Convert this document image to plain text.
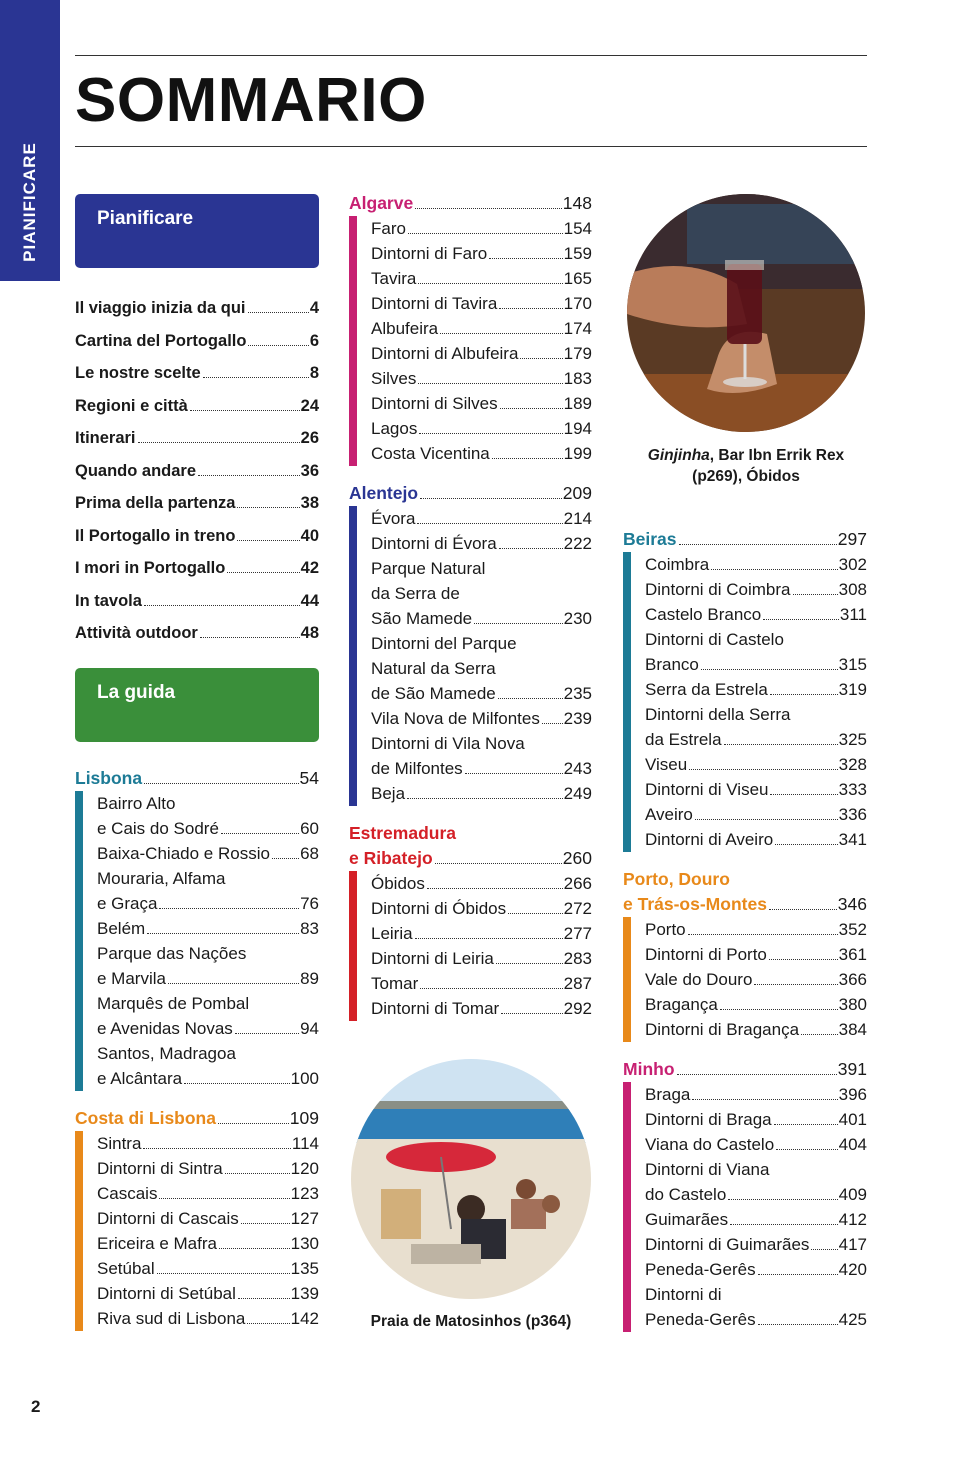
PIANIFICARE
SOMMARIO
Pianificare
Il viaggio inizia da qui	4
Cartina del Portogallo	6
Le nostre scelte	8
Regioni e città	24
Itinerari	26
Quando andare	36
Prima della partenza	38
Il Portogallo in treno	40
I mori in Portogallo	42
In tavola	44
Attività outdoor	48
La guida
Lisbona	54
Bairro Alto
e Cais do Sodré	60
Baixa-Chiado e Rossio 68
Mouraria, Alfama
e Graça	76
Belém	83
Parque das Nações
e Marvila	89
Marquês de Pombal
e Avenidas Novas	94
Santos, Madragoa
e Alcântara	100
Costa di Lisbona	109
Sintra	114
Dintorni di Sintra	120
Cascais	123
Dintorni di Cascais	127
Ericeira e Mafra	130
Setúbal	135
Dintorni di Setúbal	139
Riva sud di Lisbona	142
Algarve	148
Faro	154
Dintorni di Faro	159
Tavira	165
Dintorni di Tavira	170
Albufeira	174
Dintorni di Albufeira	179
Silves	183
Dintorni di Silves	189
Lagos	194
Costa Vicentina	199
Alentejo	209
Évora	214
Dintorni di Évora	222
Parque Natural
da Serra de
São Mamede	230
Dintorni del Parque
Natural da Serra
de São Mamede	235
Vila Nova de Milfontes 239
Dintorni di Vila Nova
de Milfontes	243
Beja	249
Estremadura
e Ribatejo	260
Óbidos	266
Dintorni di Óbidos	272
Leiria	277
Dintorni di Leiria	283
Tomar	287
Dintorni di Tomar	292
Praia de Matosinhos (p364)
Ginjinha, Bar Ibn Errik Rex
(p269), Óbidos
Beiras	297
Coimbra	302
Dintorni di Coimbra	308
Castelo Branco	311
Dintorni di Castelo
Branco	315
Serra da Estrela	319
Dintorni della Serra
da Estrela	325
Viseu	328
Dintorni di Viseu	333
Aveiro	336
Dintorni di Aveiro	341
Porto, Douro
e Trás-os-Montes	346
Porto	352
Dintorni di Porto	361
Vale do Douro	366
Bragança	380
Dintorni di Bragança 384
Minho	391
Braga	396
Dintorni di Braga	401
Viana do Castelo	404
Dintorni di Viana
do Castelo	409
Guimarães	412
Dintorni di Guimarães 417
Peneda-Gerês	420
Dintorni di
Peneda-Gerês	425
2
